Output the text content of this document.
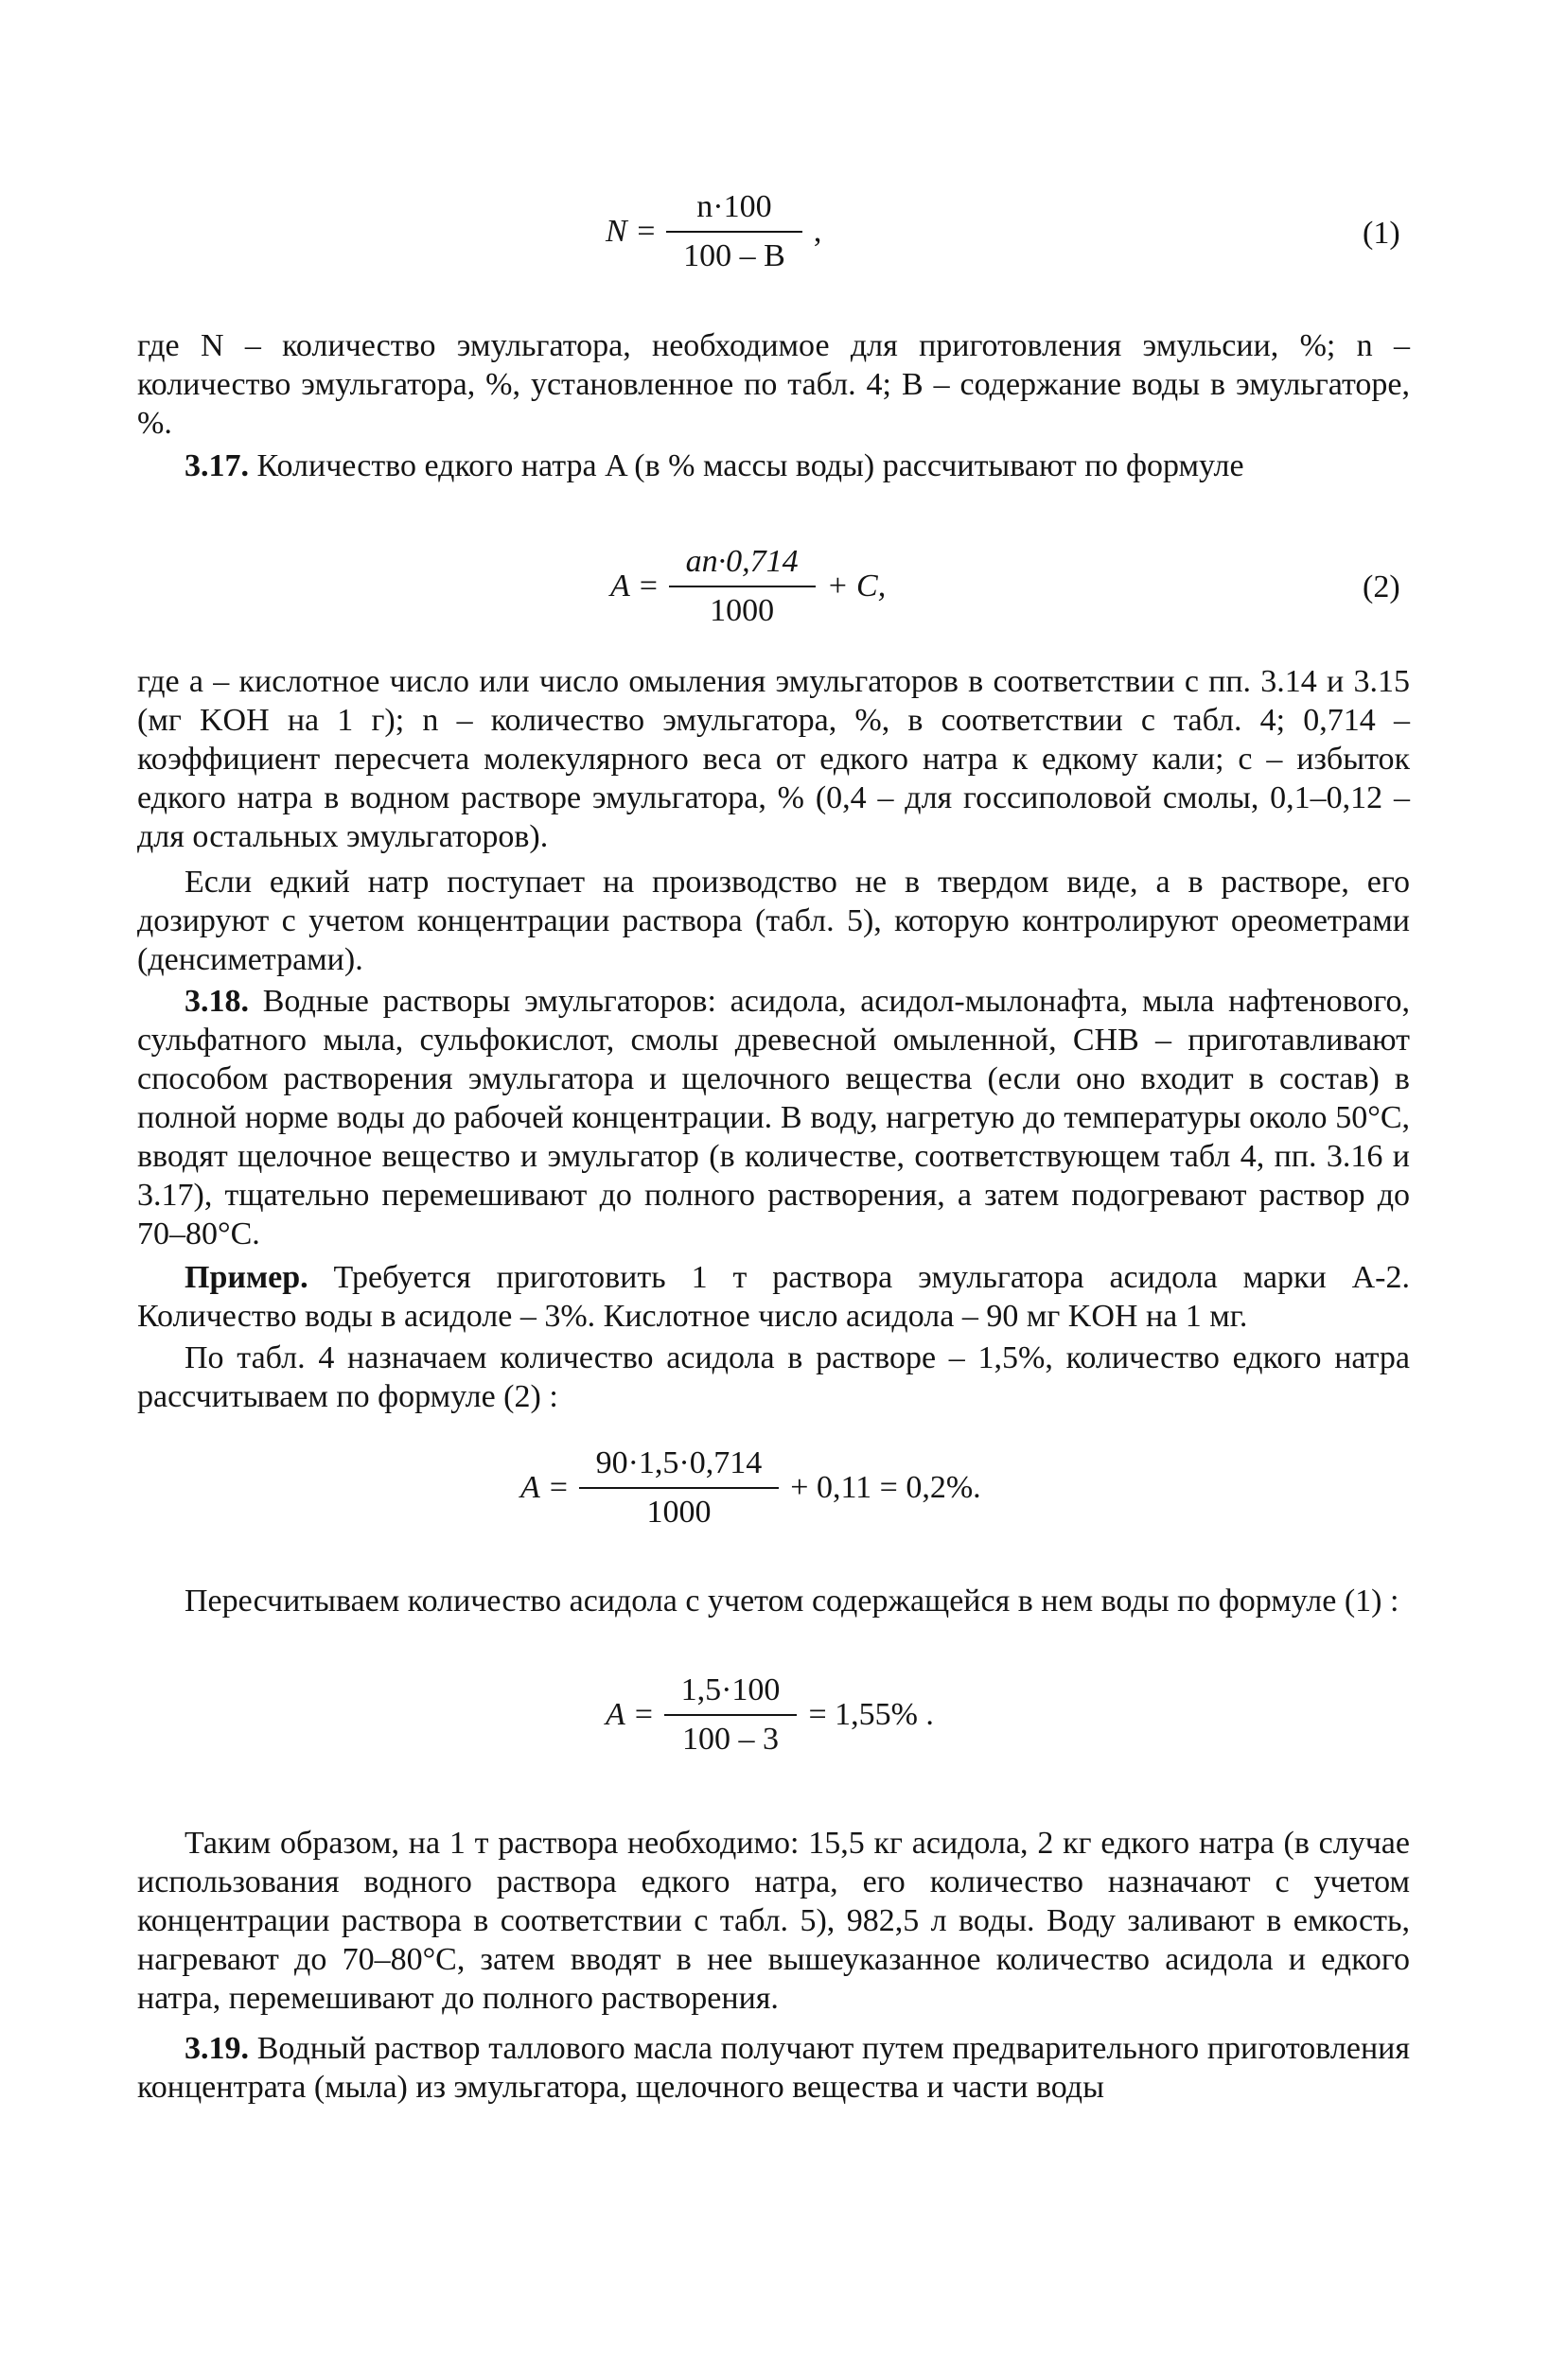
$N = \frac{n\cdot 100}{100 - B}$ ,	(1)
где N – количество эмульгатора, необходимое для приготовления эмульсии, %; n – количество эмульгатора, %, установленное по табл. 4; B – содержание воды в эмульгаторе, %.
3.17. Количество едкого натра A (в % массы воды) рассчитывают по формуле
$A = \frac{an\cdot 0,714}{1000} + C$,	(2)
где a – кислотное число или число омыления эмульгаторов в соответствии с пп. 3.14 и 3.15 (мг KOH на 1 г); n – количество эмульгатора, %, в соответствии с табл. 4; 0,714 – коэффициент пересчета молекулярного веса от едкого натра к едкому кали; c – избыток едкого натра в водном растворе эмульгатора, % (0,4 – для госсиполовой смолы, 0,1–0,12 – для остальных эмульгаторов).
Если едкий натр поступает на производство не в твердом виде, а в растворе, его дозируют с учетом концентрации раствора (табл. 5), которую контролируют ореометрами (денсиметрами).
3.18. Водные растворы эмульгаторов: асидола, асидол-мылонафта, мыла нафтенового, сульфатного мыла, сульфокислот, смолы древесной омыленной, СНВ – приготавливают способом растворения эмульгатора и щелочного вещества (если оно входит в состав) в полной норме воды до рабочей концентрации. В воду, нагретую до температуры около 50°С, вводят щелочное вещество и эмульгатор (в количестве, соответствующем табл 4, пп. 3.16 и 3.17), тщательно перемешивают до полного растворения, а затем подогревают раствор до 70–80°С.
Пример. Требуется приготовить 1 т раствора эмульгатора асидола марки А-2. Количество воды в асидоле – 3%. Кислотное число асидола – 90 мг KOH на 1 мг.
По табл. 4 назначаем количество асидола в растворе – 1,5%, количество едкого натра рассчитываем по формуле (2) :
$A = \frac{90\cdot 1,5\cdot 0,714}{1000} + 0,11 = 0,2\%$.
Пересчитываем количество асидола с учетом содержащейся в нем воды по формуле (1) :
$A = \frac{1,5\cdot 100}{100 - 3} = 1,55\%$ .
Таким образом, на 1 т раствора необходимо: 15,5 кг асидола, 2 кг едкого натра (в случае использования водного раствора едкого натра, его количество назначают с учетом концентрации раствора в соответствии с табл. 5), 982,5 л воды. Воду заливают в емкость, нагревают до 70–80°С, затем вводят в нее вышеуказанное количество асидола и едкого натра, перемешивают до полного растворения.
3.19. Водный раствор таллового масла получают путем предварительного приготовления концентрата (мыла) из эмульгатора, щелочного вещества и части воды
